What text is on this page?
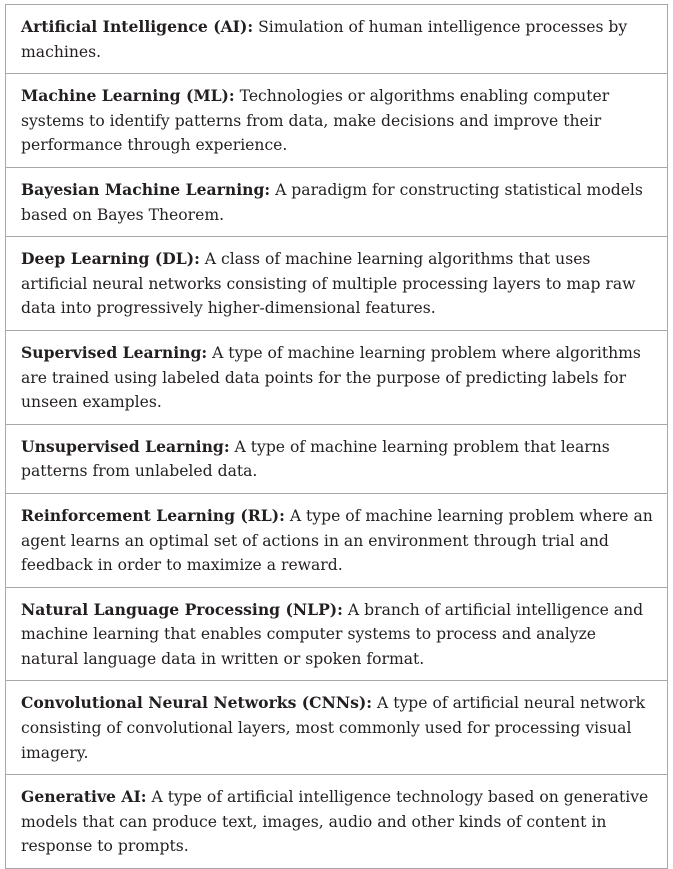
Artificial Intelligence (AI): Simulation of human intelligence processes by machines.
Machine Learning (ML): Technologies or algorithms enabling computer systems to identify patterns from data, make decisions and improve their performance through experience.
Bayesian Machine Learning: A paradigm for constructing statistical models based on Bayes Theorem.
Deep Learning (DL): A class of machine learning algorithms that uses artificial neural networks consisting of multiple processing layers to map raw data into progressively higher-dimensional features.
Supervised Learning: A type of machine learning problem where algorithms are trained using labeled data points for the purpose of predicting labels for unseen examples.
Unsupervised Learning: A type of machine learning problem that learns patterns from unlabeled data.
Reinforcement Learning (RL): A type of machine learning problem where an agent learns an optimal set of actions in an environment through trial and feedback in order to maximize a reward.
Natural Language Processing (NLP): A branch of artificial intelligence and machine learning that enables computer systems to process and analyze natural language data in written or spoken format.
Convolutional Neural Networks (CNNs): A type of artificial neural network consisting of convolutional layers, most commonly used for processing visual imagery.
Generative AI: A type of artificial intelligence technology based on generative models that can produce text, images, audio and other kinds of content in response to prompts.
